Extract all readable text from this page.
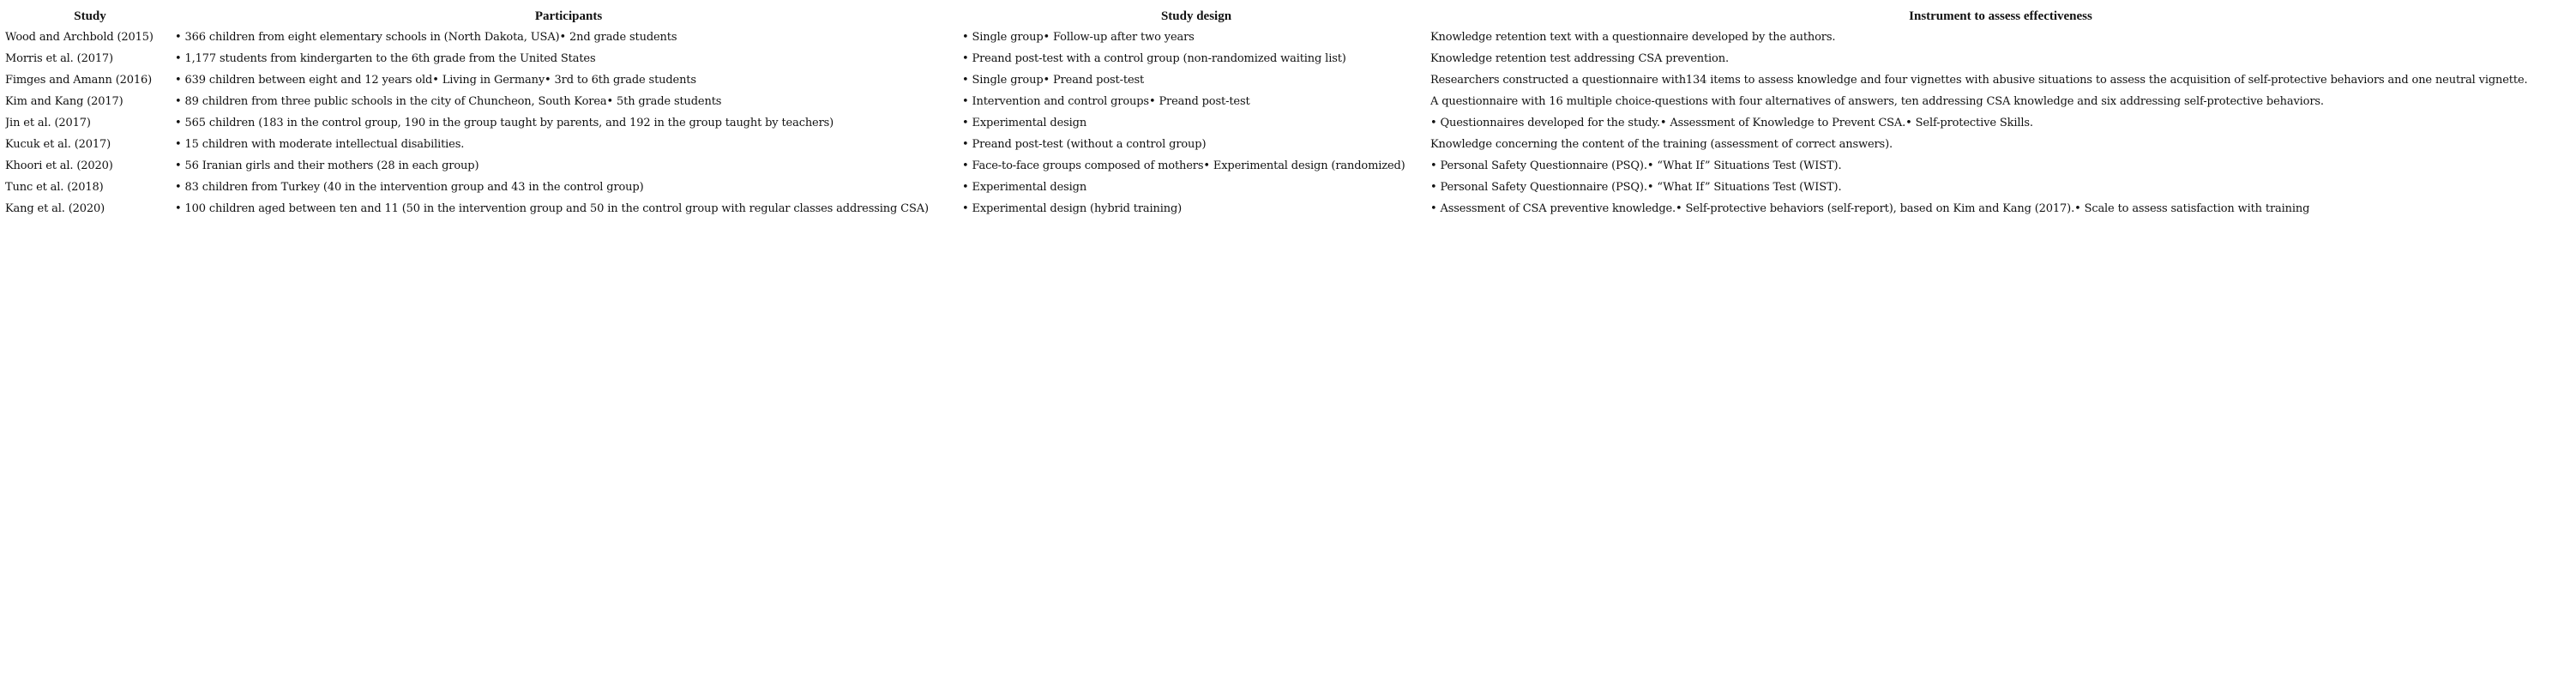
Study	Participants	Study design	Instrument to assess effectiveness
Wood and Archbold (2015)	• 366 children from eight elementary schools in (North Dakota, USA)• 2nd grade students	• Single group• Follow-up after two years	Knowledge retention text with a questionnaire developed by the authors.
Morris et al. (2017)	• 1,177 students from kindergarten to the 6th grade from the United States	• Preand post-test with a control group (non-randomized waiting list)	Knowledge retention test addressing CSA prevention.
Fimges and Amann (2016)	• 639 children between eight and 12 years old• Living in Germany• 3rd to 6th grade students	• Single group• Preand post-test	Researchers constructed a questionnaire with134 items to assess knowledge and four vignettes with abusive situations to assess the acquisition of self-protective behaviors and one neutral vignette.
Kim and Kang (2017)	• 89 children from three public schools in the city of Chuncheon, South Korea• 5th grade students	• Intervention and control groups• Preand post-test	A questionnaire with 16 multiple choice-questions with four alternatives of answers, ten addressing CSA knowledge and six addressing self-protective behaviors.
Jin et al. (2017)	• 565 children (183 in the control group, 190 in the group taught by parents, and 192 in the group taught by teachers)	• Experimental design	• Questionnaires developed for the study.• Assessment of Knowledge to Prevent CSA.• Self-protective Skills.
Kucuk et al. (2017)	• 15 children with moderate intellectual disabilities.	• Preand post-test (without a control group)	Knowledge concerning the content of the training (assessment of correct answers).
Khoori et al. (2020)	• 56 Iranian girls and their mothers (28 in each group)	• Face-to-face groups composed of mothers• Experimental design (randomized)	• Personal Safety Questionnaire (PSQ).• “What If” Situations Test (WIST).
Tunc et al. (2018)	• 83 children from Turkey (40 in the intervention group and 43 in the control group)	• Experimental design	• Personal Safety Questionnaire (PSQ).• “What If” Situations Test (WIST).
Kang et al. (2020)	• 100 children aged between ten and 11 (50 in the intervention group and 50 in the control group with regular classes addressing CSA)	• Experimental design (hybrid training)	• Assessment of CSA preventive knowledge.• Self-protective behaviors (self-report), based on Kim and Kang (2017).• Scale to assess satisfaction with training
